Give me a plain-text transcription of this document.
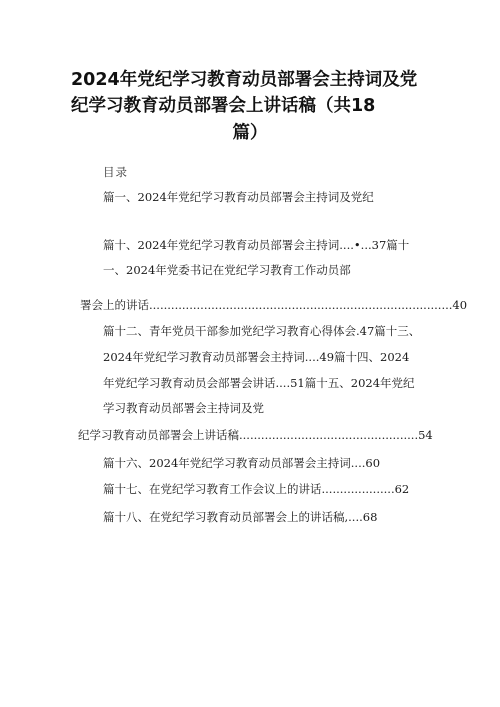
2024年党纪学习教育动员部署会主持词及党
纪学习教育动员部署会上讲话稿（共18
篇）
目录
篇一、2024年党纪学习教育动员部署会主持词及党纪
篇十、2024年党纪学习教育动员部署会主持词....•...37篇十
一、2024年党委书记在党纪学习教育工作动员部
署会上的讲话...................................................................................40
篇十二、青年党员干部参加党纪学习教育心得体会.47篇十三、
2024年党纪学习教育动员部署会主持词....49篇十四、2024
年党纪学习教育动员会部署会讲话....51篇十五、2024年党纪
学习教育动员部署会主持词及党
纪学习教育动员部署会上讲话稿.................................................54
篇十六、2024年党纪学习教育动员部署会主持词....60
篇十七、在党纪学习教育工作会议上的讲话....................62
篇十八、在党纪学习教育动员部署会上的讲话稿,....68
